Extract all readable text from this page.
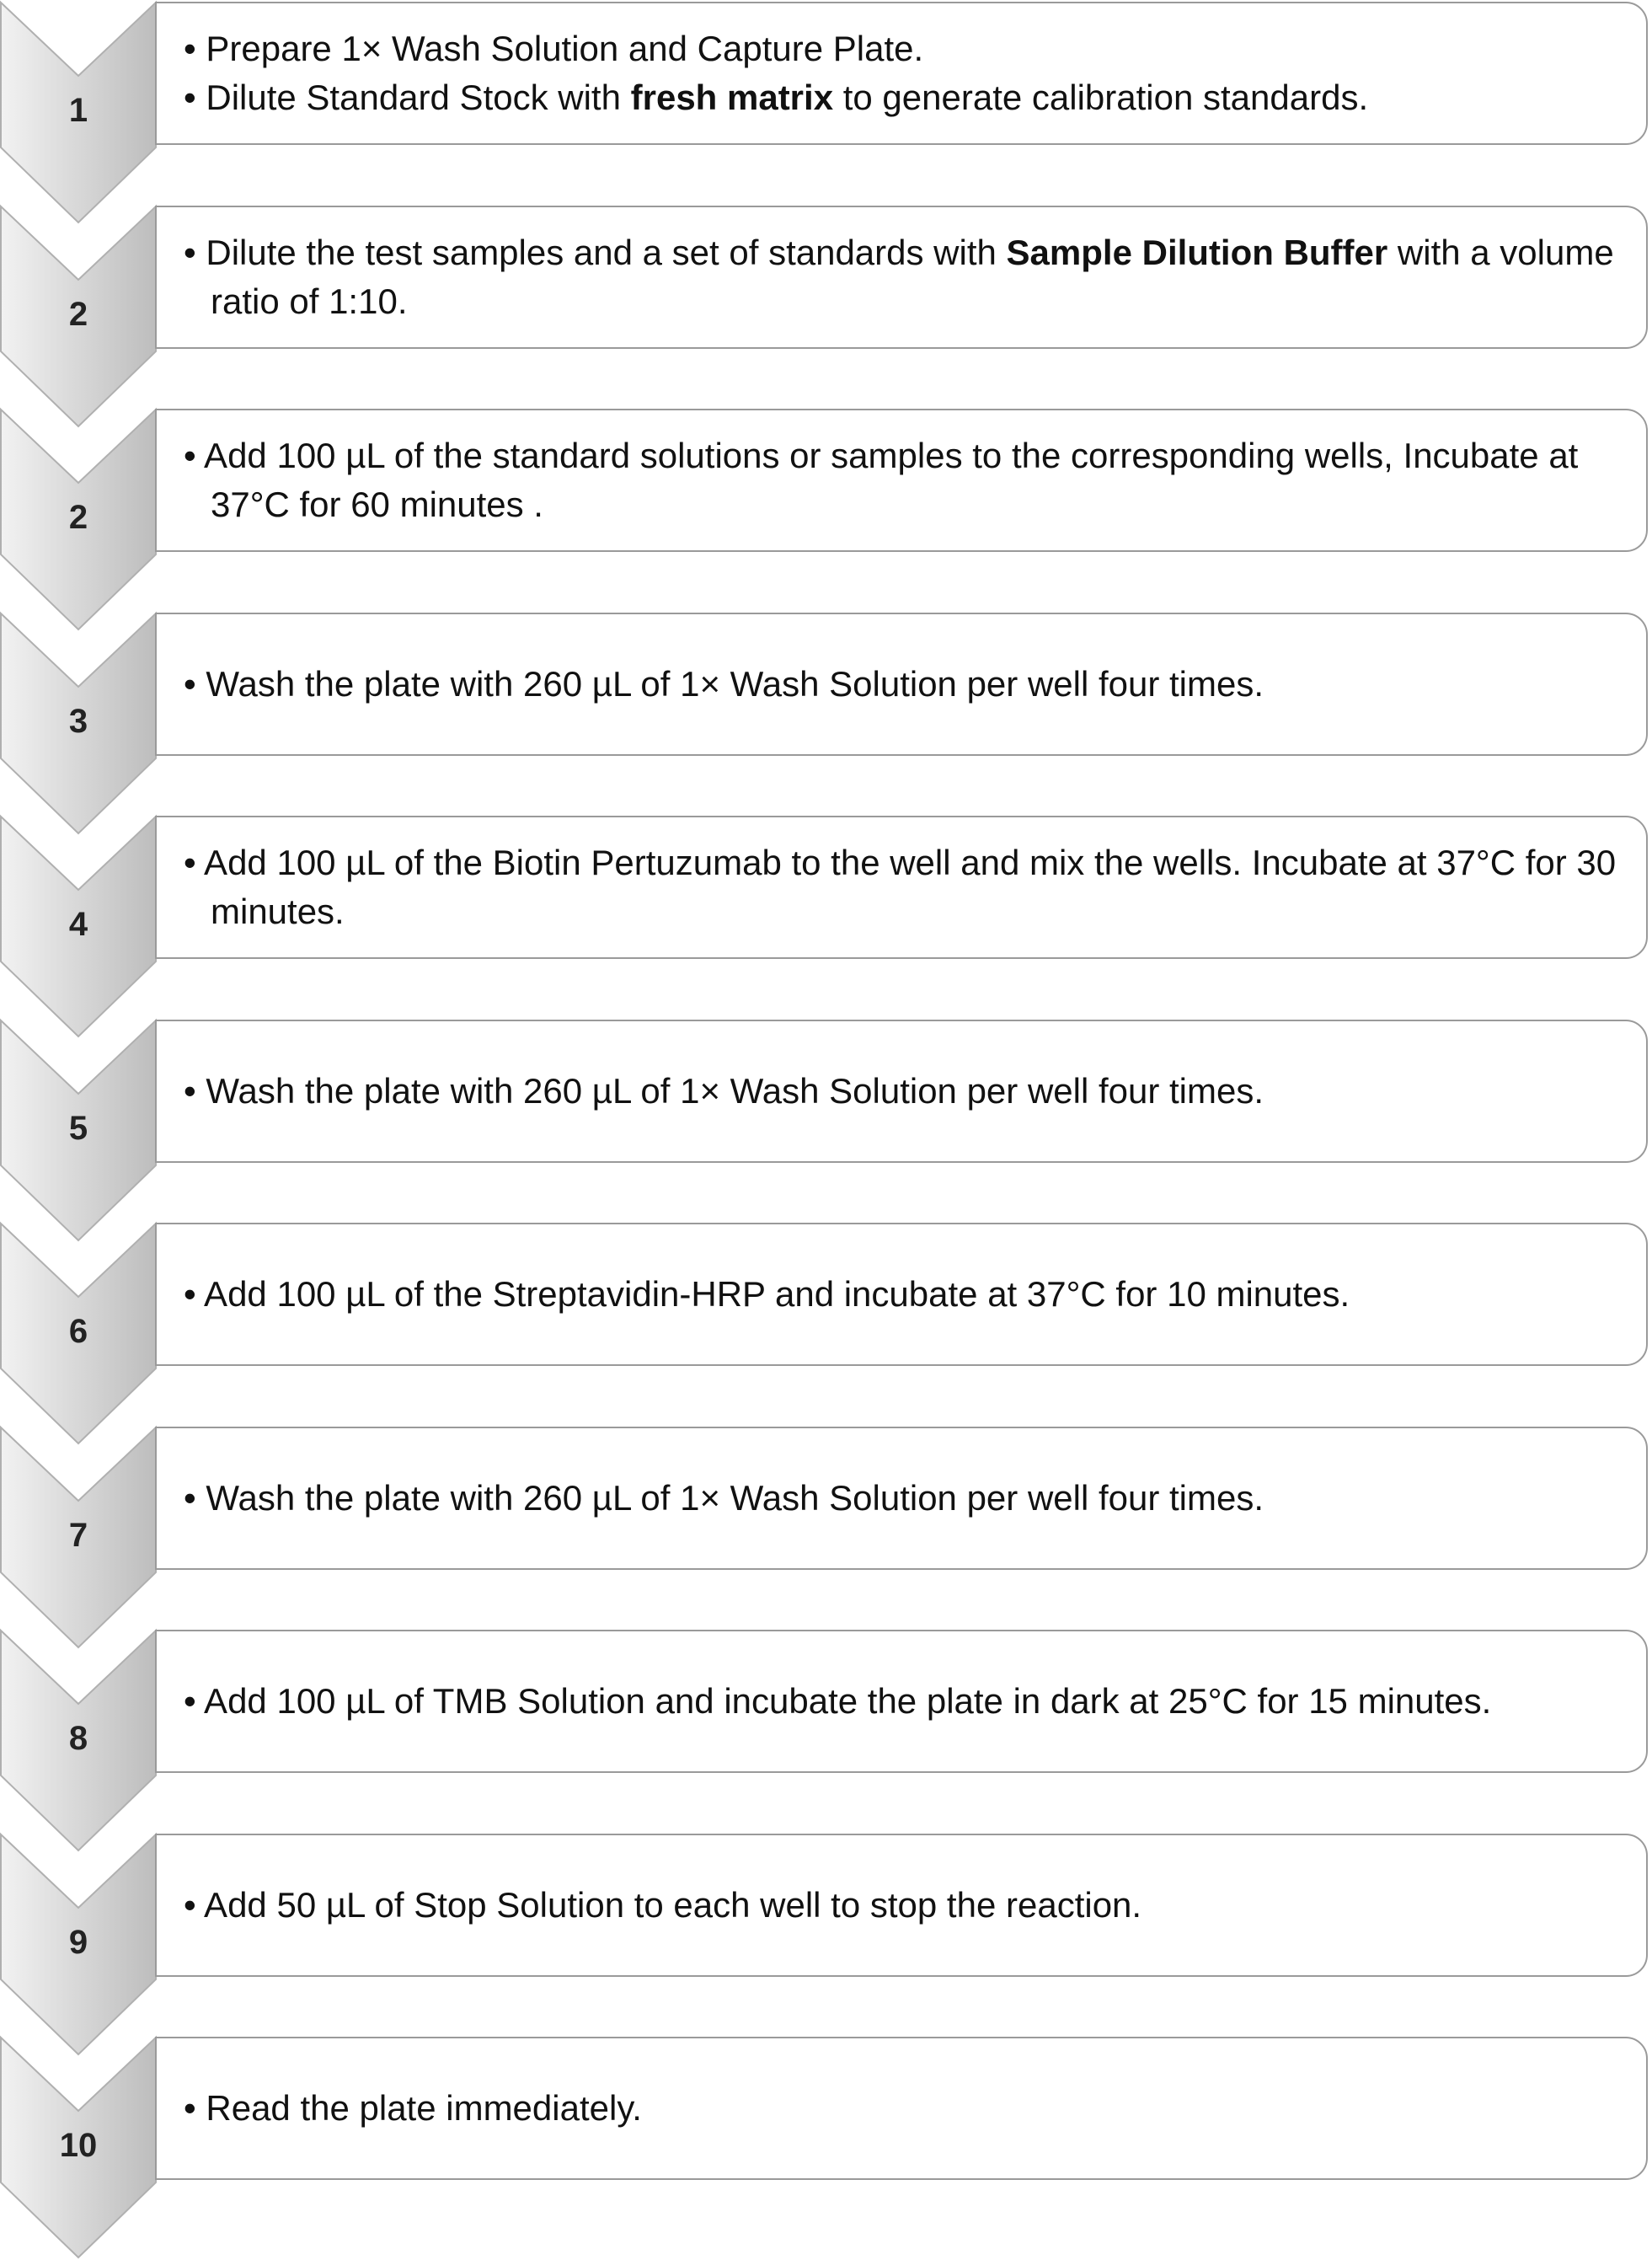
1
• Prepare 1× Wash Solution and Capture Plate.
• Dilute Standard Stock with fresh matrix to generate calibration standards.
2
• Dilute the test samples and a set of standards with Sample Dilution Buffer with a volume ratio of 1:10.
2
• Add 100 µL of the standard solutions or samples to the corresponding wells, Incubate at 37°C for 60 minutes .
3
• Wash the plate with 260 µL of 1× Wash Solution per well four times.
4
• Add 100 µL of the Biotin Pertuzumab to the well and mix the wells. Incubate at 37°C for 30 minutes.
5
• Wash the plate with 260 µL of 1× Wash Solution per well four times.
6
• Add 100 µL of the Streptavidin-HRP and incubate at 37°C for 10 minutes.
7
• Wash the plate with 260 µL of 1× Wash Solution per well four times.
8
• Add 100 µL of TMB Solution and incubate the plate in dark at 25°C for 15 minutes.
9
• Add 50 µL of Stop Solution to each well to stop the reaction.
10
• Read the plate immediately.
